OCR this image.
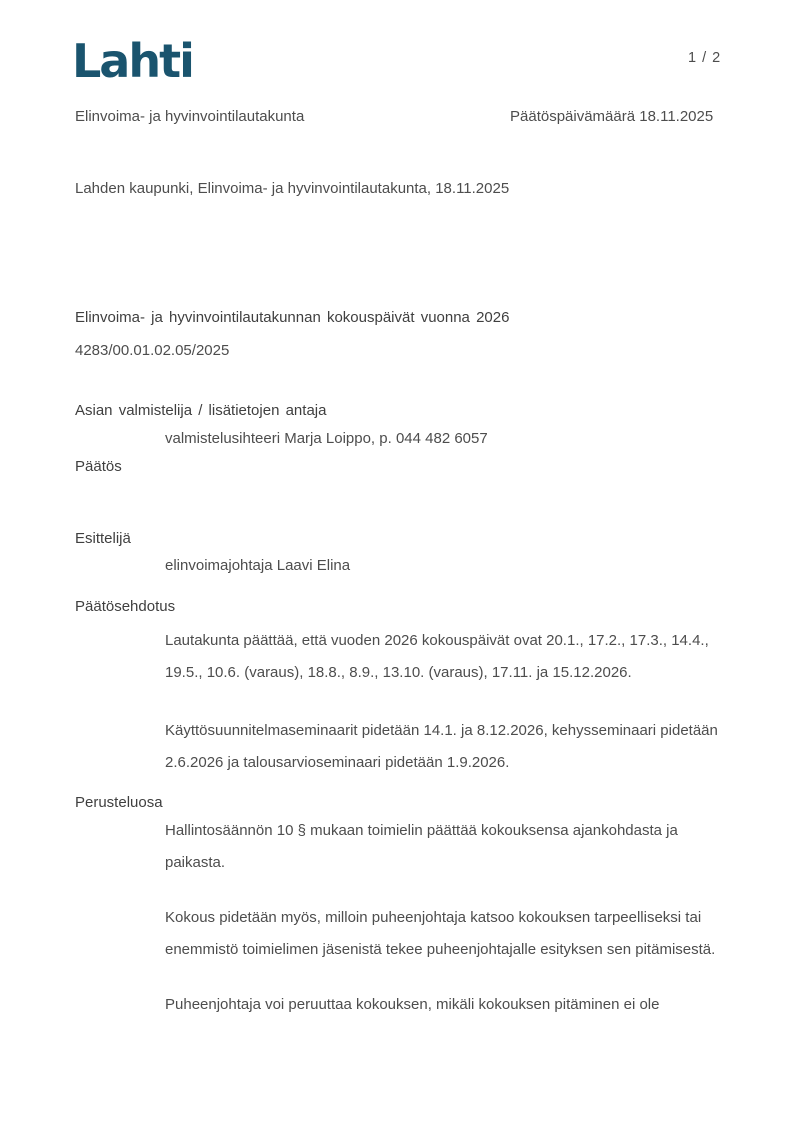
Lahti	1 / 2
Elinvoima- ja hyvinvointilautakunta	Päätöspäivämäärä 18.11.2025
Lahden kaupunki, Elinvoima- ja hyvinvointilautakunta, 18.11.2025
Elinvoima- ja hyvinvointilautakunnan kokouspäivät vuonna 2026
4283/00.01.02.05/2025
Asian valmistelija / lisätietojen antaja
valmistelusihteeri Marja Loippo, p. 044 482 6057
Päätös
Esittelijä
elinvoimajohtaja Laavi Elina
Päätösehdotus
Lautakunta päättää, että vuoden 2026 kokouspäivät ovat 20.1., 17.2., 17.3., 14.4.,
19.5., 10.6. (varaus), 18.8., 8.9., 13.10. (varaus), 17.11. ja 15.12.2026.
Käyttösuunnitelmaseminaarit pidetään 14.1. ja 8.12.2026, kehysseminaari pidetään
2.6.2026 ja talousarvioseminaari pidetään 1.9.2026.
Perusteluosa
Hallintosäännön 10 § mukaan toimielin päättää kokouksensa ajankohdasta ja
paikasta.
Kokous pidetään myös, milloin puheenjohtaja katsoo kokouksen tarpeelliseksi tai
enemmistö toimielimen jäsenistä tekee puheenjohtajalle esityksen sen pitämisestä.
Puheenjohtaja voi peruuttaa kokouksen, mikäli kokouksen pitäminen ei ole
